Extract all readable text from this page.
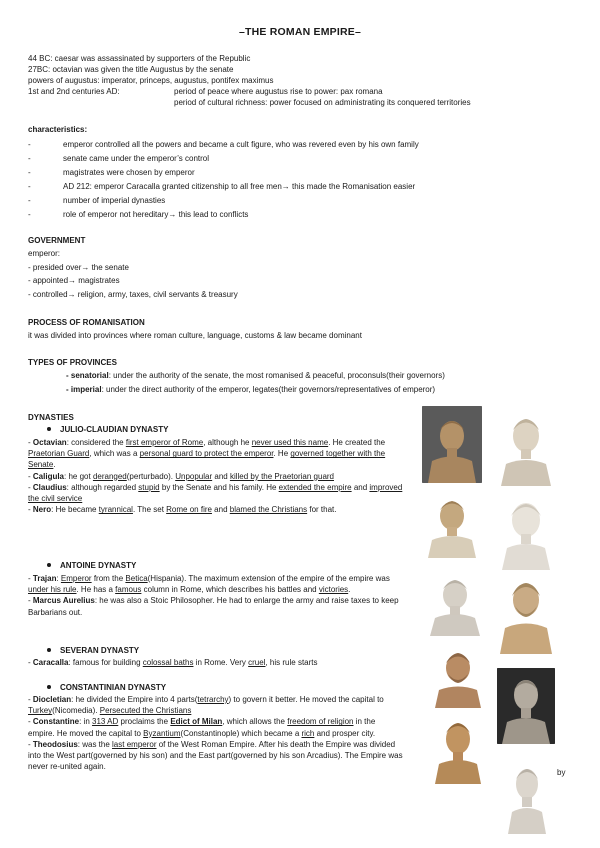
–THE ROMAN EMPIRE–
44 BC: caesar was assassinated by supporters of the Republic
27BC: octavian was given the title Augustus by the senate
powers of augustus: imperator, princeps, augustus, pontifex maximus
1st and 2nd centuries AD:	period of peace where augustus rise to power: pax romana
period of cultural richness: power focused on administrating its conquered territories
characteristics:
- emperor controlled all the powers and became a cult figure, who was revered even by his own family
- senate came under the emperor’s control
- magistrates were chosen by emperor
- AD 212: emperor Caracalla granted citizenship to all free men→ this made the Romanisation easier
- number of imperial dynasties
- role of emperor not hereditary→ this lead to conflicts
GOVERNMENT
emperor:
- presided over→ the senate
- appointed→ magistrates
- controlled→ religion, army, taxes, civil servants & treasury
PROCESS OF ROMANISATION
it was divided into provinces where roman culture, language, customs & law became dominant
TYPES OF PROVINCES
- senatorial: under the authority of the senate, the most romanised & peaceful, proconsuls(their governors)
- imperial: under the direct authority of the emperor, legates(their governors/representatives of emperor)
DYNASTIES
JULIO-CLAUDIAN DYNASTY
- Octavian: considered the first emperor of Rome, although he never used this name. He created the Praetorian Guard, which was a personal guard to protect the emperor. He governed together with the Senate.
- Caligula: he got deranged(perturbado). Unpopular and killed by the Praetorian guard
- Claudius: although regarded stupid by the Senate and his family. He extended the empire and improved the civil service
- Nero: He became tyrannical. The set Rome on fire and blamed the Christians for that.
ANTOINE DYNASTY
- Trajan: Emperor from the Betica(Hispania). The maximum extension of the empire of the empire was under his rule. He has a famous column in Rome, which describes his battles and victories.
- Marcus Aurelius: he was also a Stoic Philosopher. He had to enlarge the army and raise taxes to keep Barbarians out.
SEVERAN DYNASTY
- Caracalla: famous for building colossal baths in Rome. Very cruel, his rule starts
CONSTANTINIAN DYNASTY
- Diocletian: he divided the Empire into 4 parts(tetrarchy) to govern it better. He moved the capital to Turkey(Nicomedia). Persecuted the Christians
- Constantine: in 313 AD proclaims the Edict of Milan, which allows the freedom of religion in the empire. He moved the capital to Byzantium(Constantinople) which became a rich and prosper city.
- Theodosius: was the last emperor of the West Roman Empire. After his death the Empire was divided into the West part(governed by his son) and the East part(governed by his son Arcadius). The Empire was never re-united again.
by
